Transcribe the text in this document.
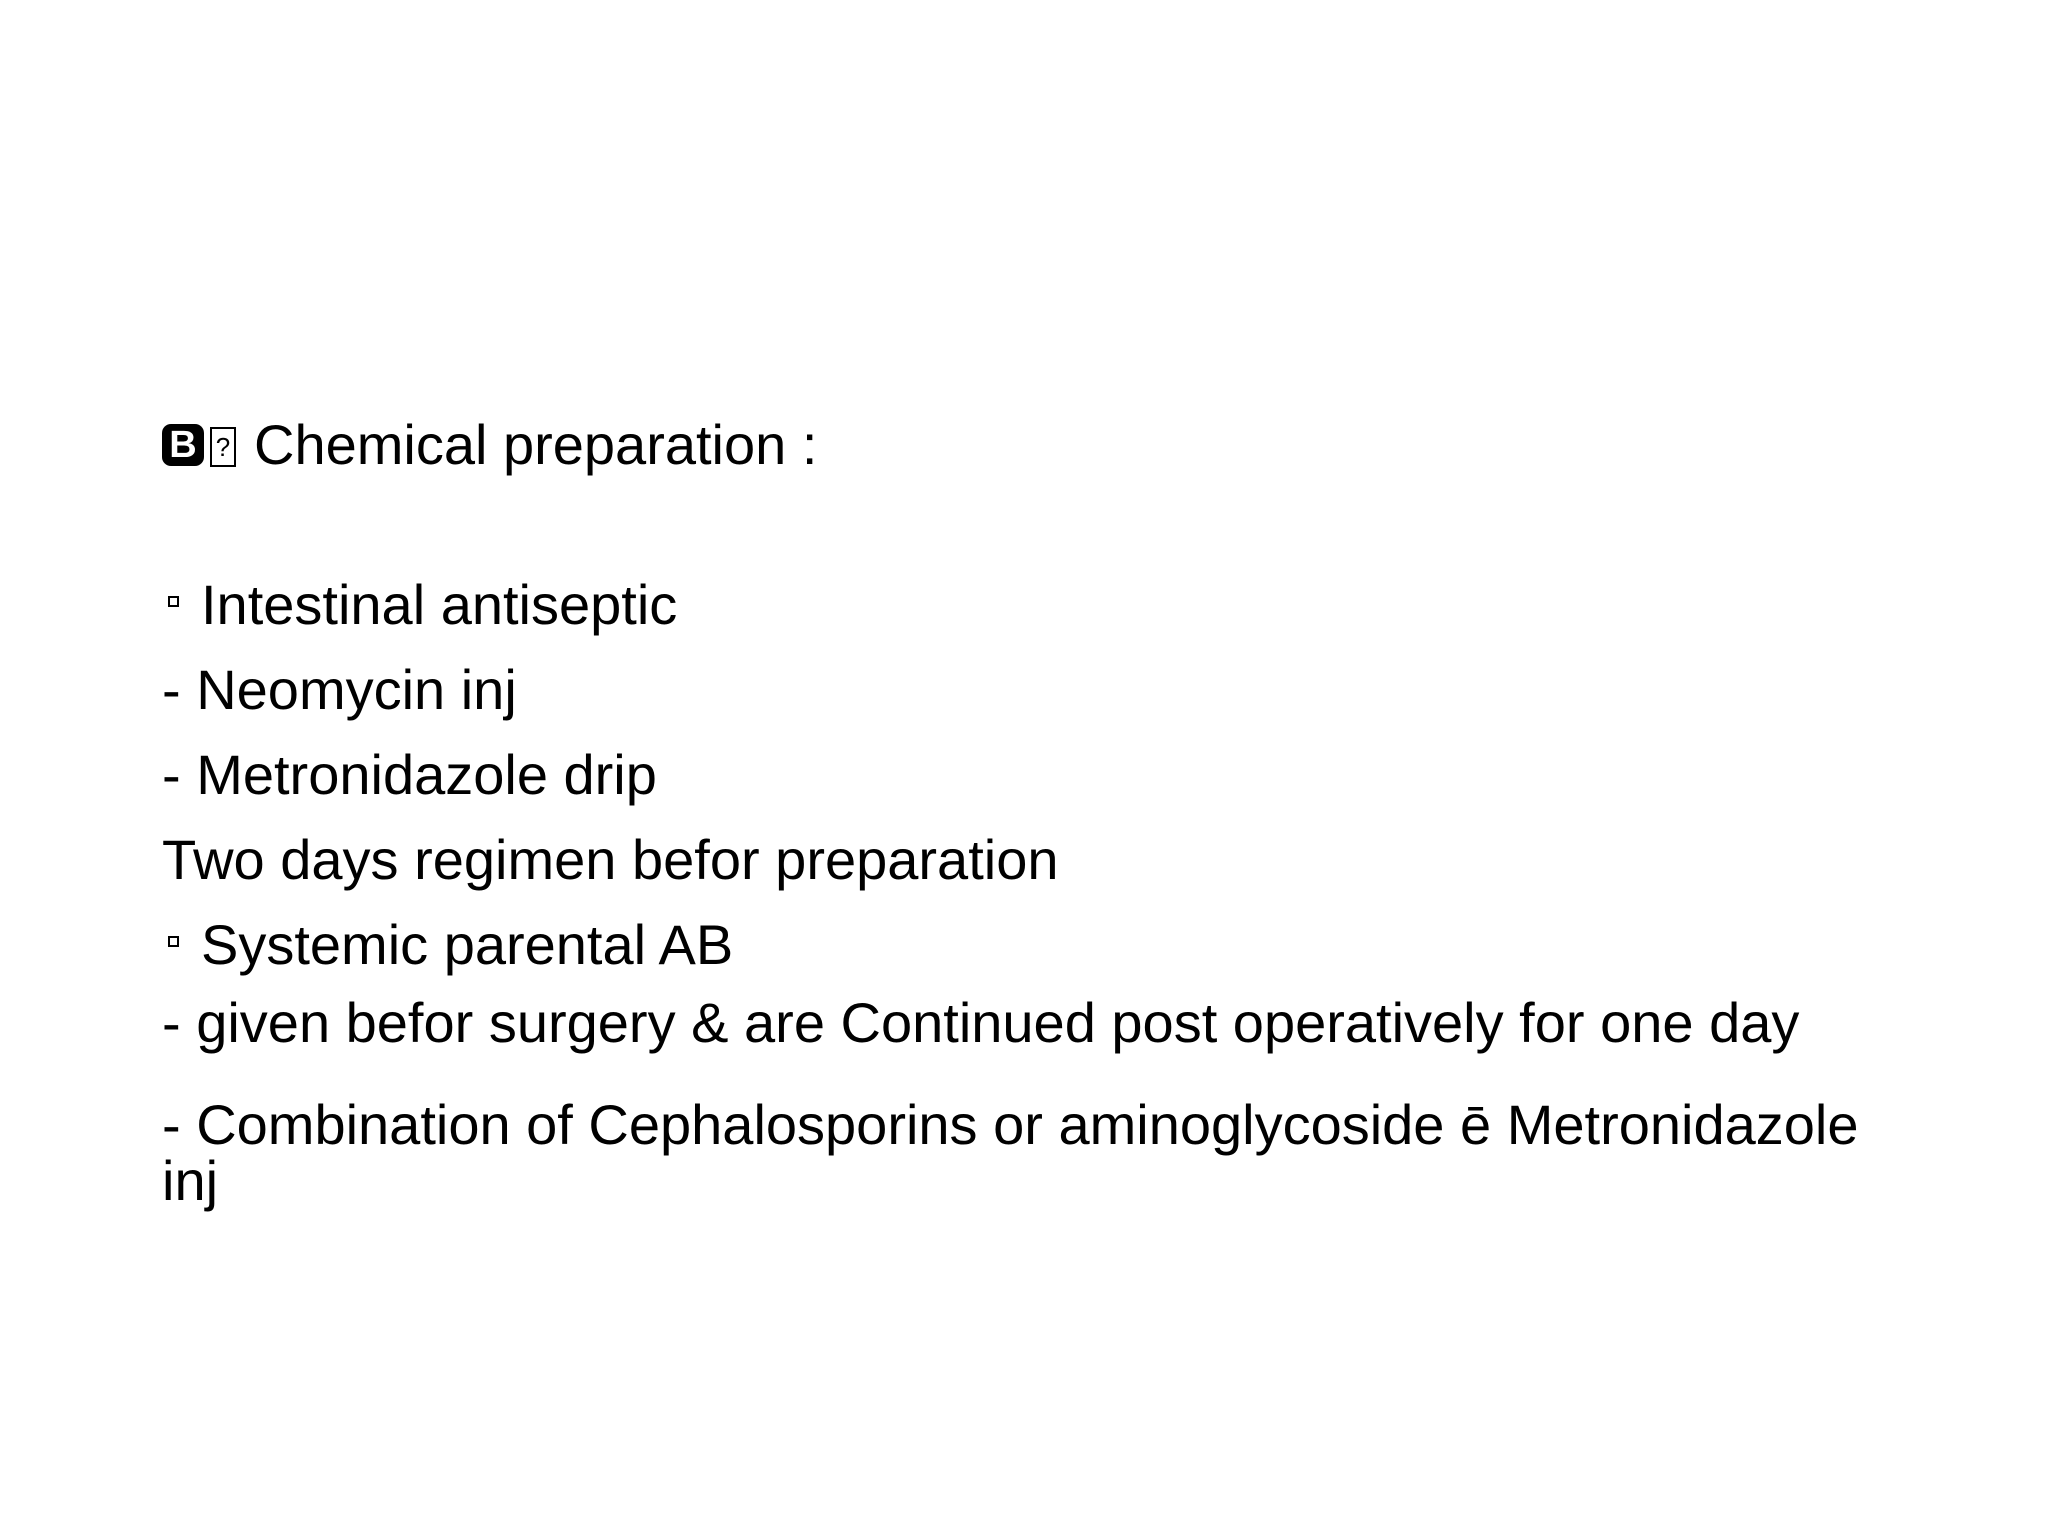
B ? Chemical preparation :
Intestinal antiseptic
- Neomycin inj
- Metronidazole drip
Two days regimen befor preparation
Systemic parental AB
- given befor surgery & are Continued post operatively for one day
- Combination of Cephalosporins or aminoglycoside ē Metronidazole inj
